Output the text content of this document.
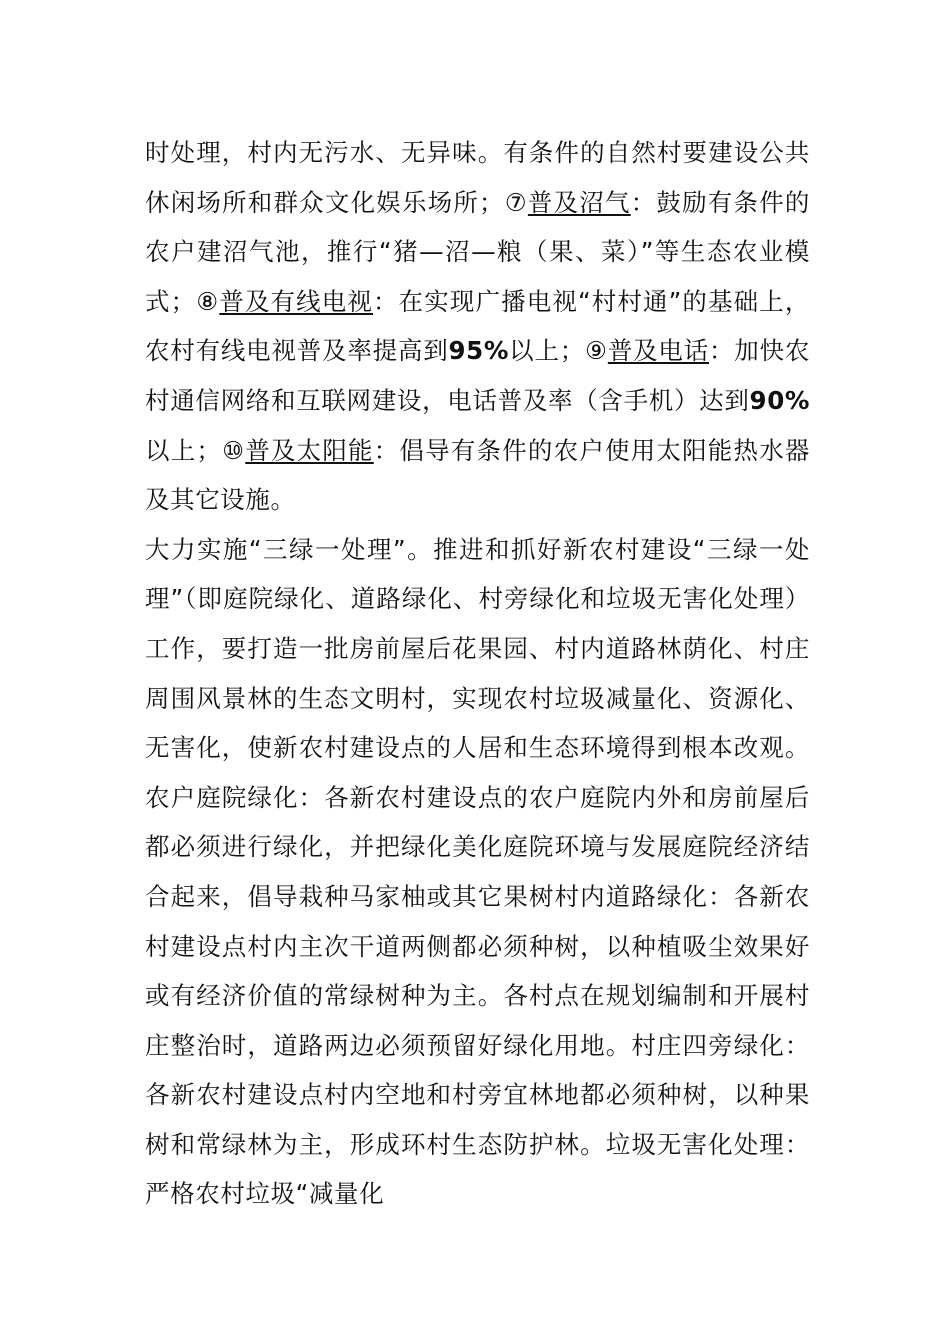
时处理，村内无污水、无异味。有条件的自然村要建设公共休闲场所和群众文化娱乐场所；⑦普及沼气：鼓励有条件的农户建沼气池，推行“猪—沼—粮（果、菜）”等生态农业模式；⑧普及有线电视：在实现广播电视“村村通”的基础上，农村有线电视普及率提高到95%以上；⑨普及电话：加快农村通信网络和互联网建设，电话普及率（含手机）达到90%以上；⑩普及太阳能：倡导有条件的农户使用太阳能热水器及其它设施。

大力实施“三绿一处理”。推进和抓好新农村建设“三绿一处理”（即庭院绿化、道路绿化、村旁绿化和垃圾无害化处理）工作，要打造一批房前屋后花果园、村内道路林荫化、村庄周围风景林的生态文明村，实现农村垃圾减量化、资源化、无害化，使新农村建设点的人居和生态环境得到根本改观。农户庭院绿化：各新农村建设点的农户庭院内外和房前屋后都必须进行绿化，并把绿化美化庭院环境与发展庭院经济结合起来，倡导栽种马家柚或其它果树村内道路绿化：各新农村建设点村内主次干道两侧都必须种树，以种植吸尘效果好或有经济价值的常绿树种为主。各村点在规划编制和开展村庄整治时，道路两边必须预留好绿化用地。村庄四旁绿化：各新农村建设点村内空地和村旁宜林地都必须种树，以种果树和常绿林为主，形成环村生态防护林。垃圾无害化处理：严格农村垃圾“减量化
